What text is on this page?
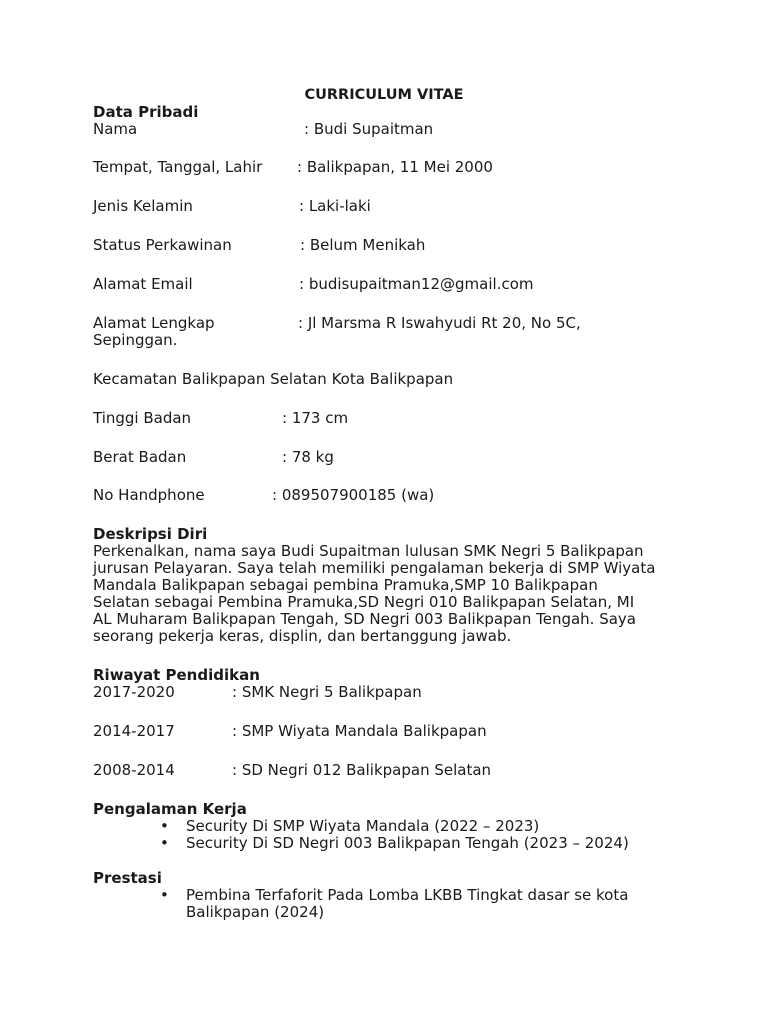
CURRICULUM VITAE
Data Pribadi
Nama	: Budi Supaitman
Tempat, Tanggal, Lahir : Balikpapan, 11 Mei 2000
Jenis Kelamin	: Laki-laki
Status Perkawinan	: Belum Menikah
Alamat Email	: budisupaitman12@gmail.com
Alamat Lengkap	: Jl Marsma R Iswahyudi Rt 20, No 5C,
Sepinggan.
Kecamatan Balikpapan Selatan Kota Balikpapan
Tinggi Badan	: 173 cm
Berat Badan	: 78 kg
No Handphone	: 089507900185 (wa)
Deskripsi Diri
Perkenalkan, nama saya Budi Supaitman lulusan SMK Negri 5 Balikpapan
jurusan Pelayaran. Saya telah memiliki pengalaman bekerja di SMP Wiyata
Mandala Balikpapan sebagai pembina Pramuka,SMP 10 Balikpapan
Selatan sebagai Pembina Pramuka,SD Negri 010 Balikpapan Selatan, MI
AL Muharam Balikpapan Tengah, SD Negri 003 Balikpapan Tengah. Saya
seorang pekerja keras, displin, dan bertanggung jawab.
Riwayat Pendidikan
2017-2020	: SMK Negri 5 Balikpapan
2014-2017	: SMP Wiyata Mandala Balikpapan
2008-2014	: SD Negri 012 Balikpapan Selatan
Pengalaman Kerja
• Security Di SMP Wiyata Mandala (2022 – 2023)
• Security Di SD Negri 003 Balikpapan Tengah (2023 – 2024)
Prestasi
• Pembina Terfaforit Pada Lomba LKBB Tingkat dasar se kota
Balikpapan (2024)
